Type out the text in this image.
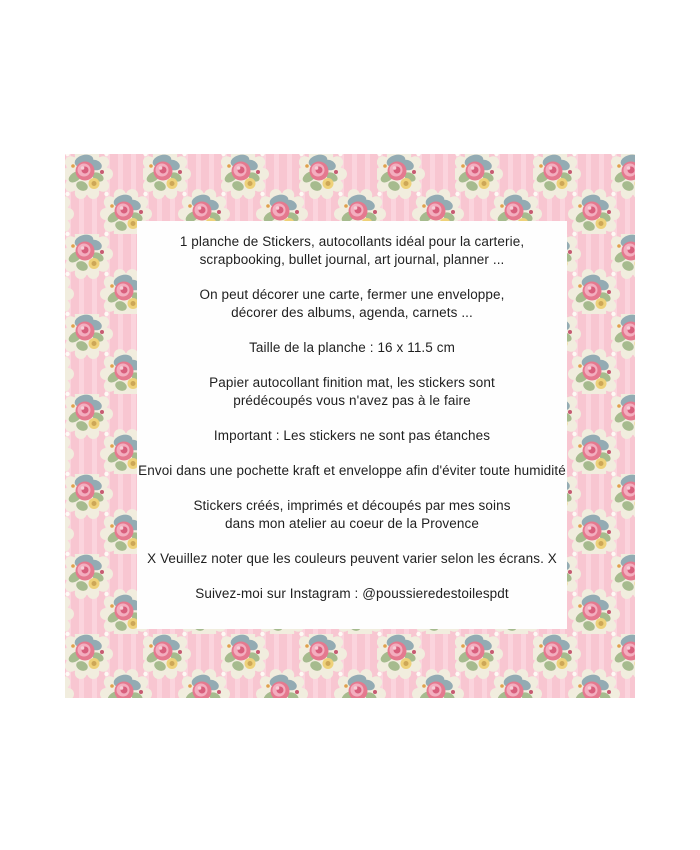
1 planche de Stickers, autocollants idéal pour la carterie,
scrapbooking, bullet journal, art journal, planner ...
On peut décorer une carte, fermer une enveloppe,
décorer des albums, agenda, carnets ...
Taille de la planche : 16 x 11.5 cm
Papier autocollant finition mat, les stickers sont
prédécoupés vous n'avez pas à le faire
Important : Les stickers ne sont pas étanches
Envoi dans une pochette kraft et enveloppe afin d'éviter toute humidité
Stickers créés, imprimés et découpés par mes soins
dans mon atelier au coeur de la Provence
X Veuillez noter que les couleurs peuvent varier selon les écrans. X
Suivez-moi sur Instagram : @poussieredestoilespdt
